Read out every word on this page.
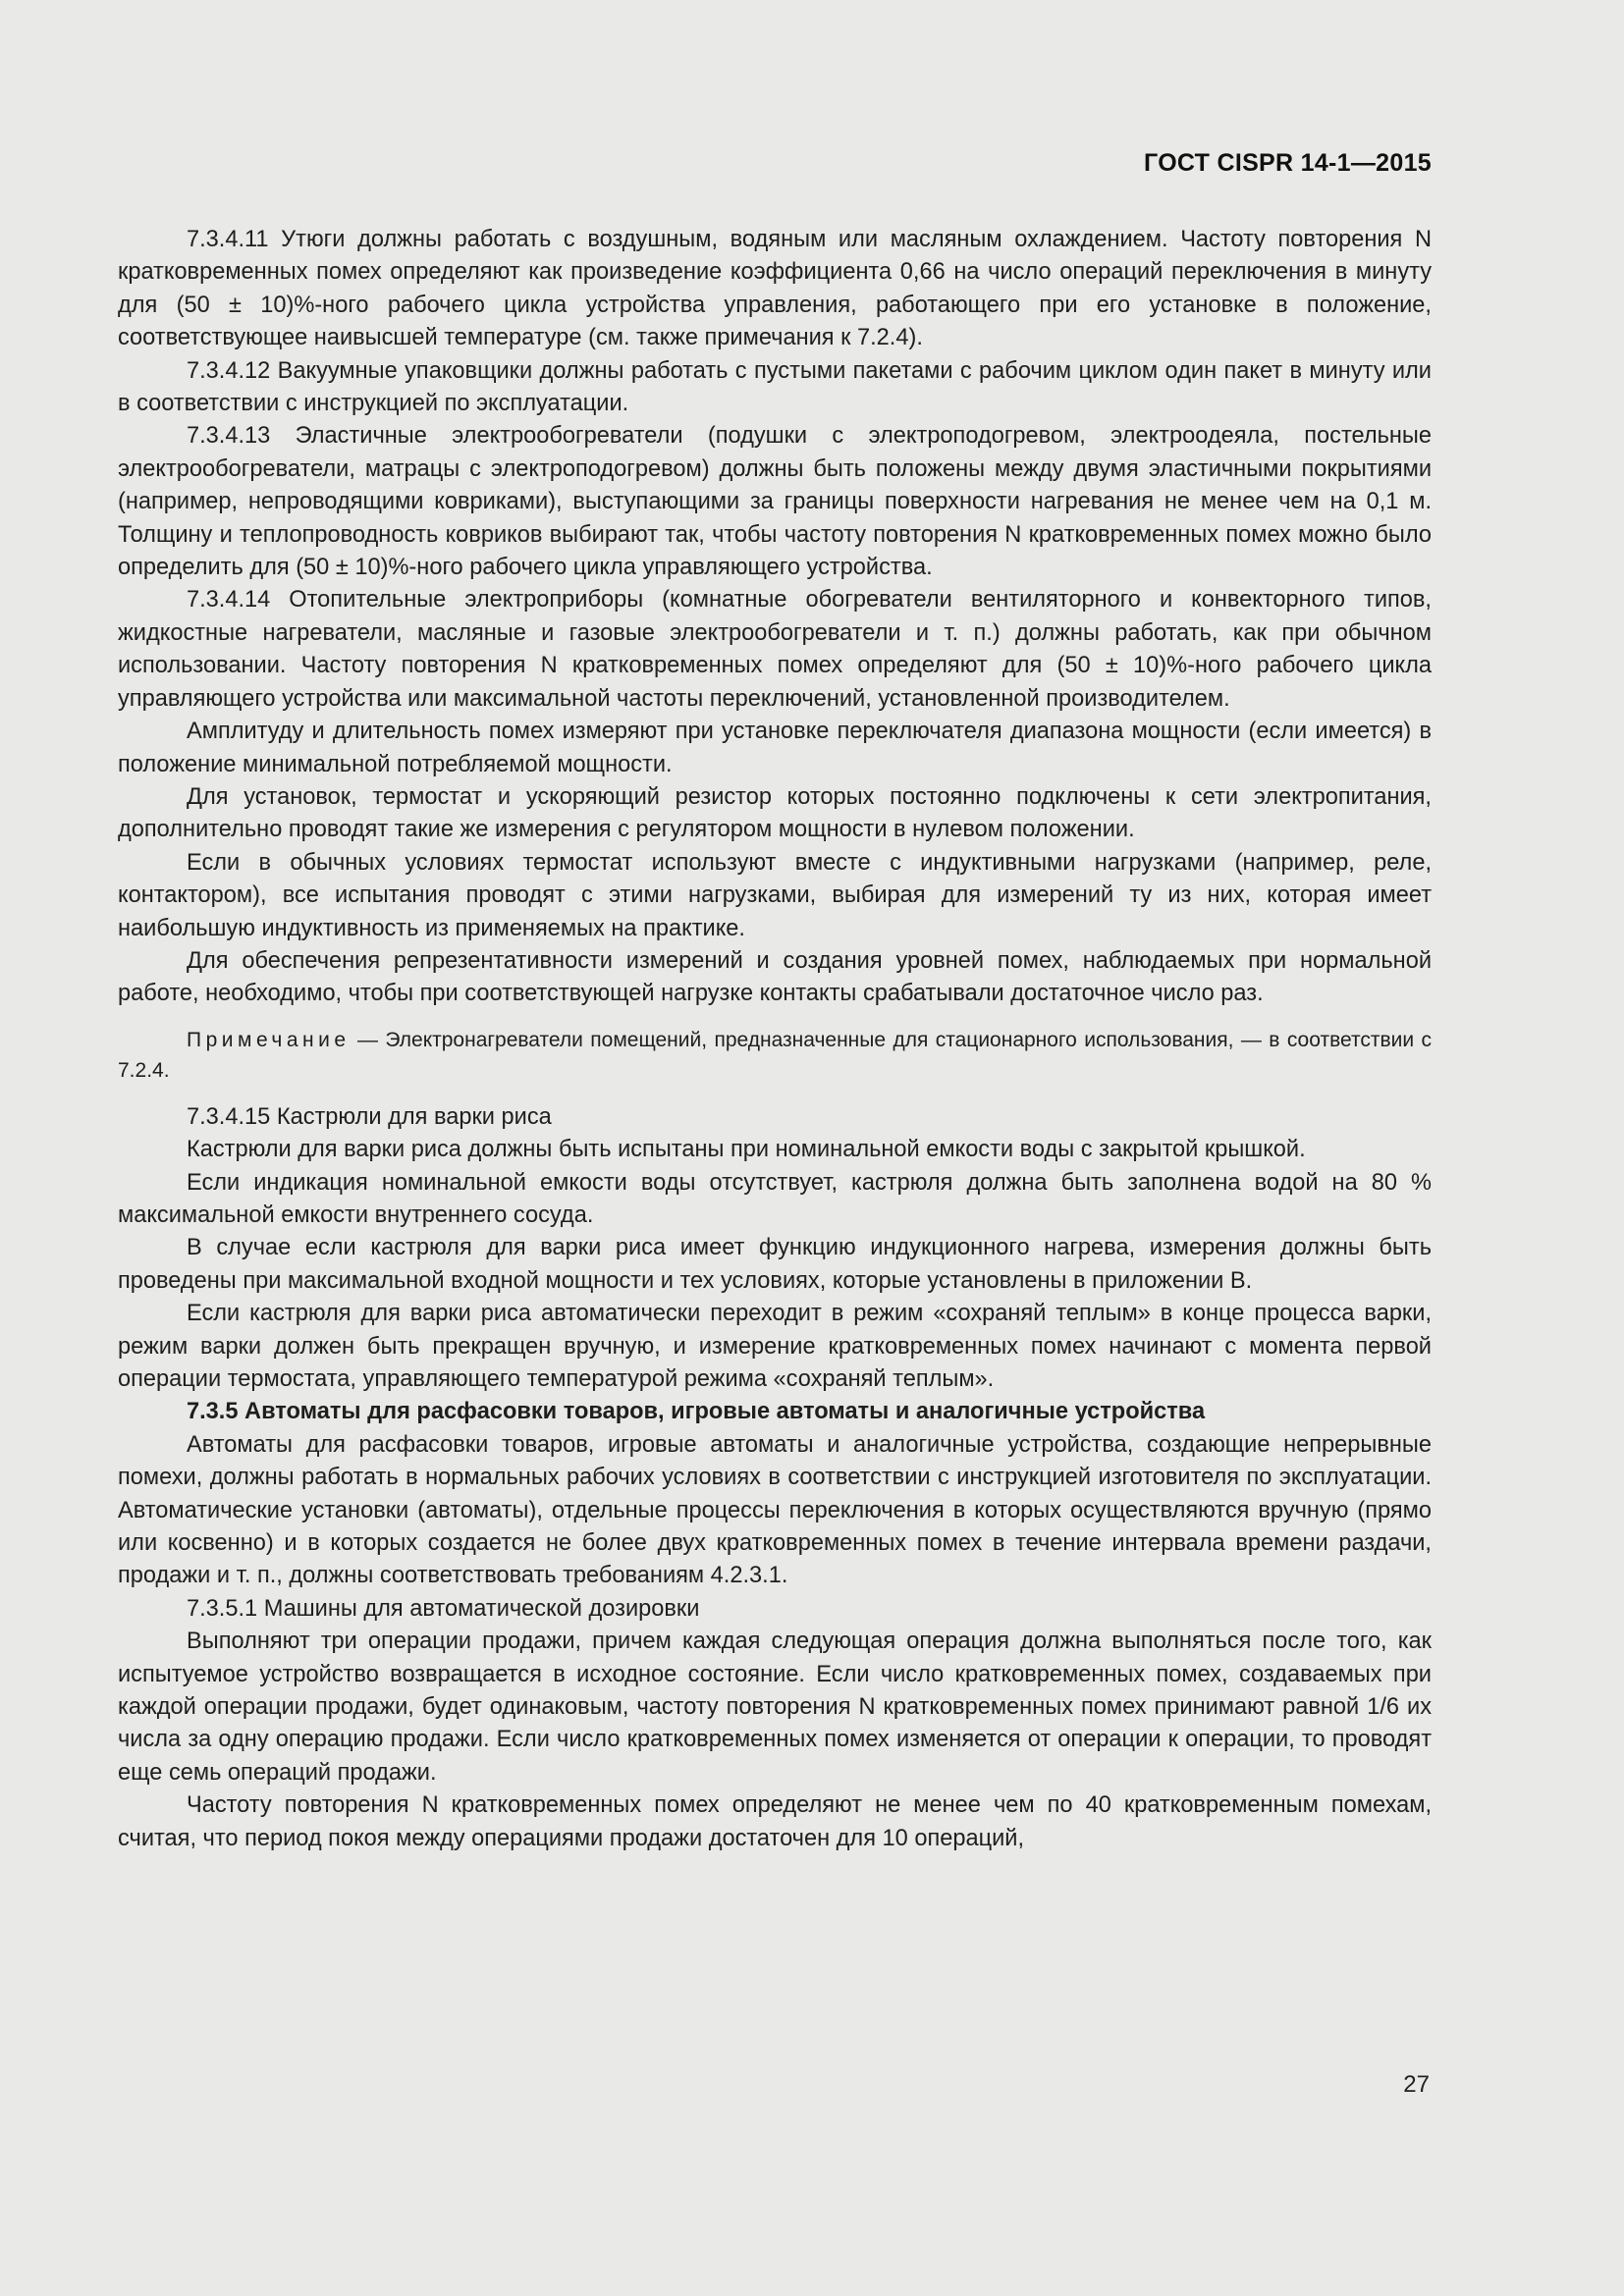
ГОСТ CISPR 14-1—2015

7.3.4.11 Утюги должны работать с воздушным, водяным или масляным охлаждением. Частоту повторения N кратковременных помех определяют как произведение коэффициента 0,66 на число операций переключения в минуту для (50 ± 10)%-ного рабочего цикла устройства управления, работающего при его установке в положение, соответствующее наивысшей температуре (см. также примечания к 7.2.4).

7.3.4.12 Вакуумные упаковщики должны работать с пустыми пакетами с рабочим циклом один пакет в минуту или в соответствии с инструкцией по эксплуатации.

7.3.4.13 Эластичные электрообогреватели (подушки с электроподогревом, электроодеяла, постельные электрообогреватели, матрацы с электроподогревом) должны быть положены между двумя эластичными покрытиями (например, непроводящими ковриками), выступающими за границы поверхности нагревания не менее чем на 0,1 м. Толщину и теплопроводность ковриков выбирают так, чтобы частоту повторения N кратковременных помех можно было определить для (50 ± 10)%-ного рабочего цикла управляющего устройства.

7.3.4.14 Отопительные электроприборы (комнатные обогреватели вентиляторного и конвекторного типов, жидкостные нагреватели, масляные и газовые электрообогреватели и т. п.) должны работать, как при обычном использовании. Частоту повторения N кратковременных помех определяют для (50 ± 10)%-ного рабочего цикла управляющего устройства или максимальной частоты переключений, установленной производителем.

Амплитуду и длительность помех измеряют при установке переключателя диапазона мощности (если имеется) в положение минимальной потребляемой мощности.

Для установок, термостат и ускоряющий резистор которых постоянно подключены к сети электропитания, дополнительно проводят такие же измерения с регулятором мощности в нулевом положении.

Если в обычных условиях термостат используют вместе с индуктивными нагрузками (например, реле, контактором), все испытания проводят с этими нагрузками, выбирая для измерений ту из них, которая имеет наибольшую индуктивность из применяемых на практике.

Для обеспечения репрезентативности измерений и создания уровней помех, наблюдаемых при нормальной работе, необходимо, чтобы при соответствующей нагрузке контакты срабатывали достаточное число раз.

Примечание — Электронагреватели помещений, предназначенные для стационарного использования, — в соответствии с 7.2.4.

7.3.4.15 Кастрюли для варки риса

Кастрюли для варки риса должны быть испытаны при номинальной емкости воды с закрытой крышкой.

Если индикация номинальной емкости воды отсутствует, кастрюля должна быть заполнена водой на 80 % максимальной емкости внутреннего сосуда.

В случае если кастрюля для варки риса имеет функцию индукционного нагрева, измерения должны быть проведены при максимальной входной мощности и тех условиях, которые установлены в приложении В.

Если кастрюля для варки риса автоматически переходит в режим «сохраняй теплым» в конце процесса варки, режим варки должен быть прекращен вручную, и измерение кратковременных помех начинают с момента первой операции термостата, управляющего температурой режима «сохраняй теплым».

7.3.5 Автоматы для расфасовки товаров, игровые автоматы и аналогичные устройства

Автоматы для расфасовки товаров, игровые автоматы и аналогичные устройства, создающие непрерывные помехи, должны работать в нормальных рабочих условиях в соответствии с инструкцией изготовителя по эксплуатации. Автоматические установки (автоматы), отдельные процессы переключения в которых осуществляются вручную (прямо или косвенно) и в которых создается не более двух кратковременных помех в течение интервала времени раздачи, продажи и т. п., должны соответствовать требованиям 4.2.3.1.

7.3.5.1 Машины для автоматической дозировки

Выполняют три операции продажи, причем каждая следующая операция должна выполняться после того, как испытуемое устройство возвращается в исходное состояние. Если число кратковременных помех, создаваемых при каждой операции продажи, будет одинаковым, частоту повторения N кратковременных помех принимают равной 1/6 их числа за одну операцию продажи. Если число кратковременных помех изменяется от операции к операции, то проводят еще семь операций продажи.

Частоту повторения N кратковременных помех определяют не менее чем по 40 кратковременным помехам, считая, что период покоя между операциями продажи достаточен для 10 операций,

27
